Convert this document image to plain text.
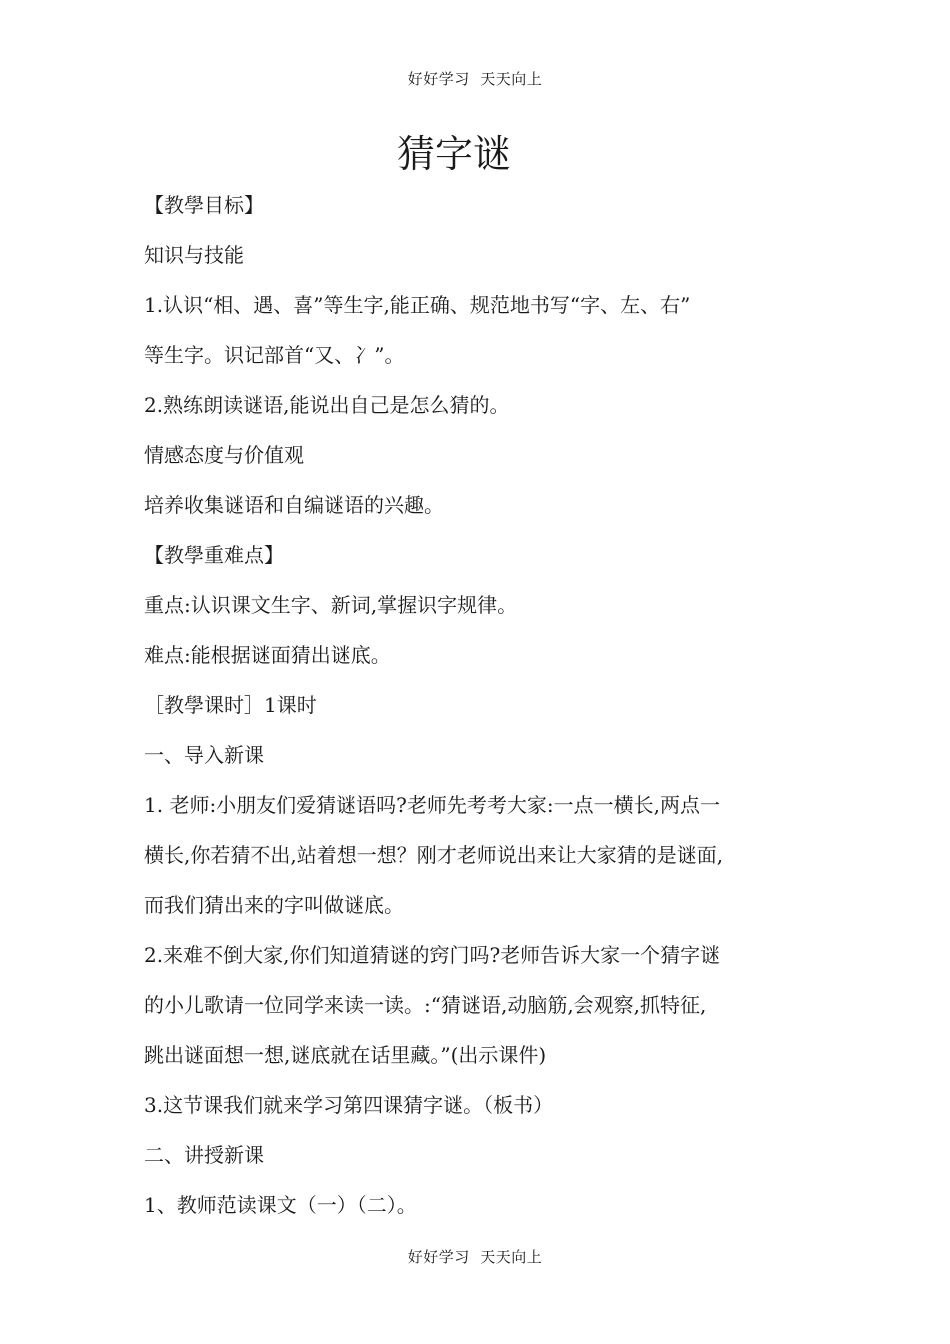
好好学习  天天向上
猜字谜
【教學目标】
知识与技能
1.认识“相、遇、喜”等生字,能正确、规范地书写“字、左、右”
等生字。识记部首“又、冫”。
2.熟练朗读谜语,能说出自己是怎么猜的。
情感态度与价值观
培养收集谜语和自编谜语的兴趣。
【教學重难点】
重点:认识课文生字、新词,掌握识字规律。
难点:能根据谜面猜出谜底。
［教學课时］1课时
一、导入新课
1. 老师:小朋友们爱猜谜语吗?老师先考考大家:一点一横长,两点一
横长,你若猜不出,站着想一想？刚才老师说出来让大家猜的是谜面,
而我们猜出来的字叫做谜底。
2.来难不倒大家,你们知道猜谜的窍门吗?老师告诉大家一个猜字谜
的小儿歌请一位同学来读一读。:“猜谜语,动脑筋,会观察,抓特征,
跳出谜面想一想,谜底就在话里藏。”(出示课件)
3.这节课我们就来学习第四课猜字谜。（板书）
二、讲授新课
1、教师范读课文（一）（二）。
好好学习  天天向上
